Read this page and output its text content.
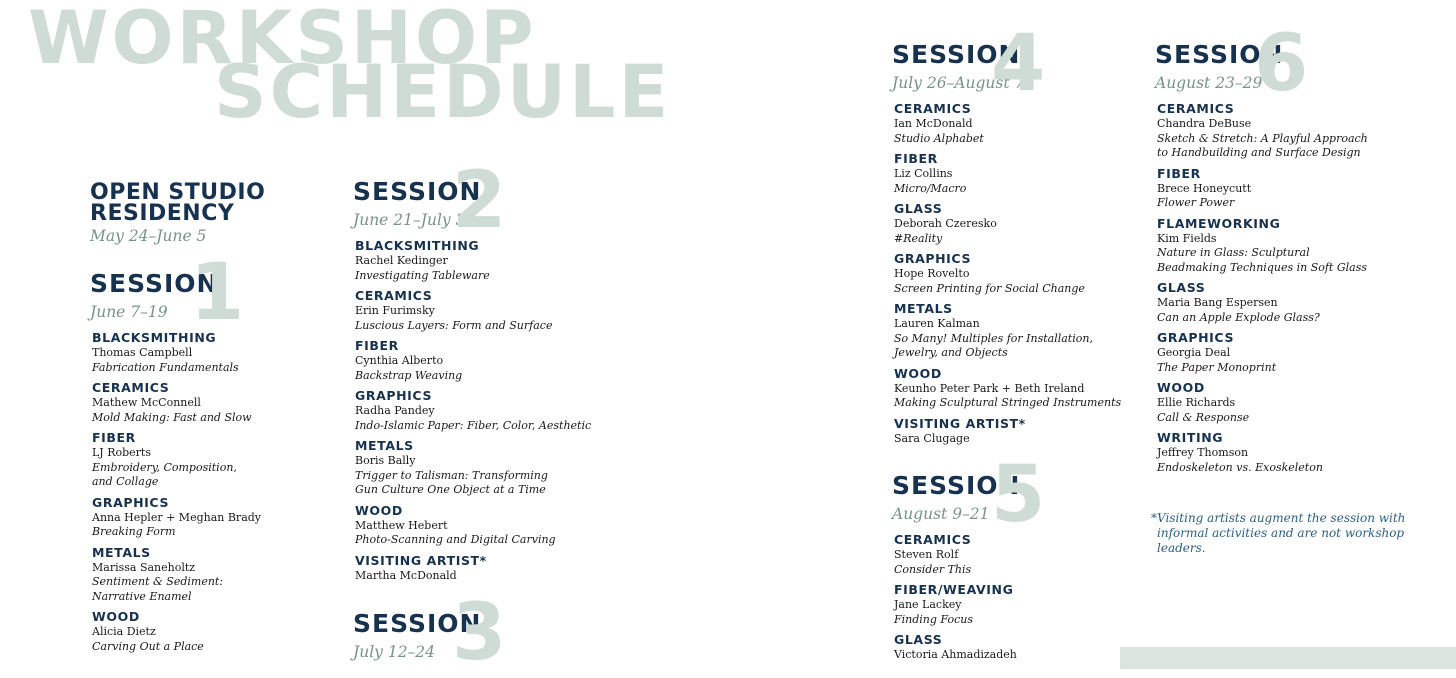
WORKSHOP
SCHEDULE
OPEN STUDIO
RESIDENCY
May 24–June 5
SESSION
1
June 7–19
BLACKSMITHING
Thomas Campbell
Fabrication Fundamentals
CERAMICS
Mathew McConnell
Mold Making: Fast and Slow
FIBER
LJ Roberts
Embroidery, Composition,
and Collage
GRAPHICS
Anna Hepler + Meghan Brady
Breaking Form
METALS
Marissa Saneholtz
Sentiment & Sediment:
Narrative Enamel
WOOD
Alicia Dietz
Carving Out a Place
SESSION
2
June 21–July 3
BLACKSMITHING
Rachel Kedinger
Investigating Tableware
CERAMICS
Erin Furimsky
Luscious Layers: Form and Surface
FIBER
Cynthia Alberto
Backstrap Weaving
GRAPHICS
Radha Pandey
Indo-Islamic Paper: Fiber, Color, Aesthetic
METALS
Boris Bally
Trigger to Talisman: Transforming
Gun Culture One Object at a Time
WOOD
Matthew Hebert
Photo-Scanning and Digital Carving
VISITING ARTIST*
Martha McDonald
SESSION
3
July 12–24
SESSION
4
July 26–August 7
CERAMICS
Ian McDonald
Studio Alphabet
FIBER
Liz Collins
Micro/Macro
GLASS
Deborah Czeresko
#Reality
GRAPHICS
Hope Rovelto
Screen Printing for Social Change
METALS
Lauren Kalman
So Many! Multiples for Installation,
Jewelry, and Objects
WOOD
Keunho Peter Park + Beth Ireland
Making Sculptural Stringed Instruments
VISITING ARTIST*
Sara Clugage
SESSION
5
August 9–21
CERAMICS
Steven Rolf
Consider This
FIBER/WEAVING
Jane Lackey
Finding Focus
GLASS
Victoria Ahmadizadeh
SESSION
6
August 23–29
CERAMICS
Chandra DeBuse
Sketch & Stretch: A Playful Approach
to Handbuilding and Surface Design
FIBER
Brece Honeycutt
Flower Power
FLAMEWORKING
Kim Fields
Nature in Glass: Sculptural
Beadmaking Techniques in Soft Glass
GLASS
Maria Bang Espersen
Can an Apple Explode Glass?
GRAPHICS
Georgia Deal
The Paper Monoprint
WOOD
Ellie Richards
Call & Response
WRITING
Jeffrey Thomson
Endoskeleton vs. Exoskeleton
* Visiting artists augment the session with informal activities and are not workshop leaders.
